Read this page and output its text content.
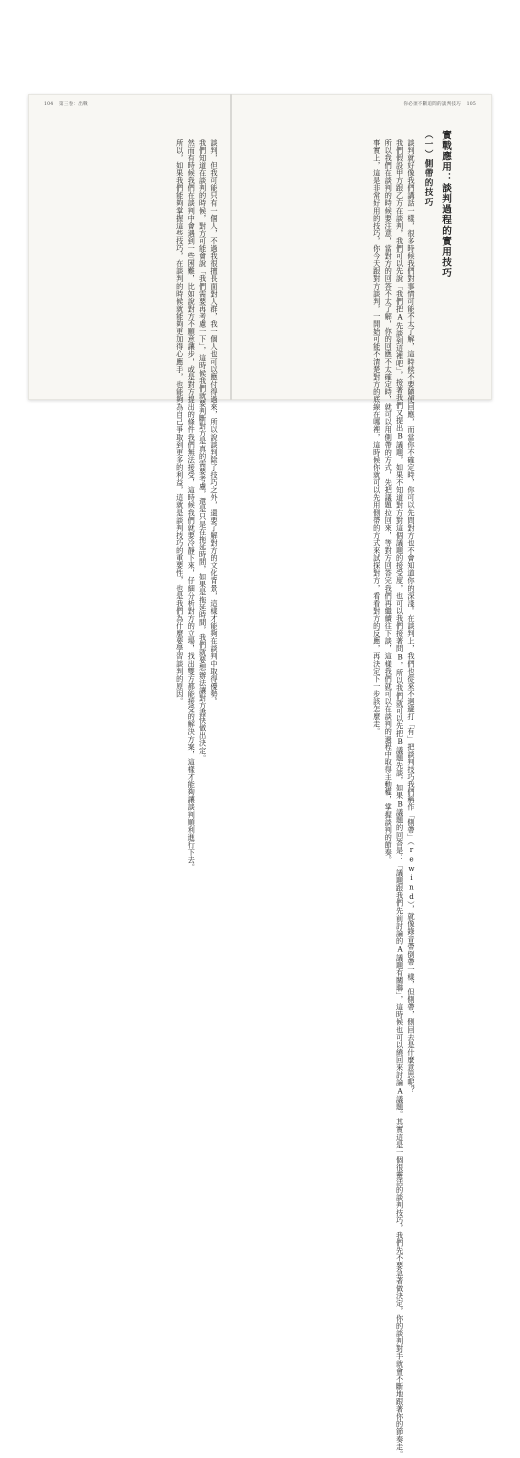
104 第三卷：出戰	你必須不斷追問的談判技巧 105
實戰應用：談判過程的實用技巧
（一）側帶的技巧
談判就好像我們講話一樣，很多時候我們對事情可能不太了解，這時候不要隨便回應，而當你不確定時，你可以先問對方也不會知道你的深淺。在談判上，我們也從來不迴避打「有」把談判技巧我們稱作「側帶」（rewind），就像錄音帶倒帶一樣，但側帶，側回去是什麼意思呢？
我們假設甲方跟乙方在談判，我們可以先說「我們把A先談到這裡吧」，接著我們又提出B議題，如果不知道對方對這個議題的接受度，也可以我們接著問B，所以我們就可以先把B議題先談，如果B議題的回答是：「議題跟我們先前討論的A議題有關聯」，這時候也可以繞回來討論A議題。其實這是一個很靈活的談判技巧，我們先不要急著做決定，你的談判對手就會不斷地跟著你的節奏走。
所以我們在談判的時候要注意，當對方的回答不太了解，你的回應不太確定時，就可以用側帶的方式，先把議題拉回來，等對方回答完我們再繼續往下談，這樣我們就可以在談判的過程中取得主動權，掌握談判的節奏。
事實上，這是非常好用的技巧，你今天跟對方談判，一開始可能不清楚對方的底線在哪裡，這時候你就可以先用側帶的方式來試探對方，看看對方的反應，再決定下一步該怎麼走。
談判，但我可能只有一個人，不過我很擅長面對人群，我一個人也可以應付得過來，所以說談判除了技巧之外，還要了解對方的文化背景，這樣才能夠在談判中取得優勢。
我們知道在談判的時候，對方可能會說「我們需要再考慮一下」，這時候我們就要判斷對方是真的需要考慮，還是只是在拖延時間，如果是拖延時間，我們就要想辦法讓對方盡快做出決定。
然而有時候我們在談判中會遇到一些困難，比如說對方不願意讓步，或是對方提出的條件我們無法接受，這時候我們就要冷靜下來，仔細分析對方的立場，找出雙方都能接受的解決方案，這樣才能夠讓談判順利進行下去。
所以，如果我們能夠掌握這些技巧，在談判的時候就能夠更加得心應手，也能夠為自己爭取到更多的利益，這就是談判技巧的重要性，也是我們為什麼要學習談判的原因。
